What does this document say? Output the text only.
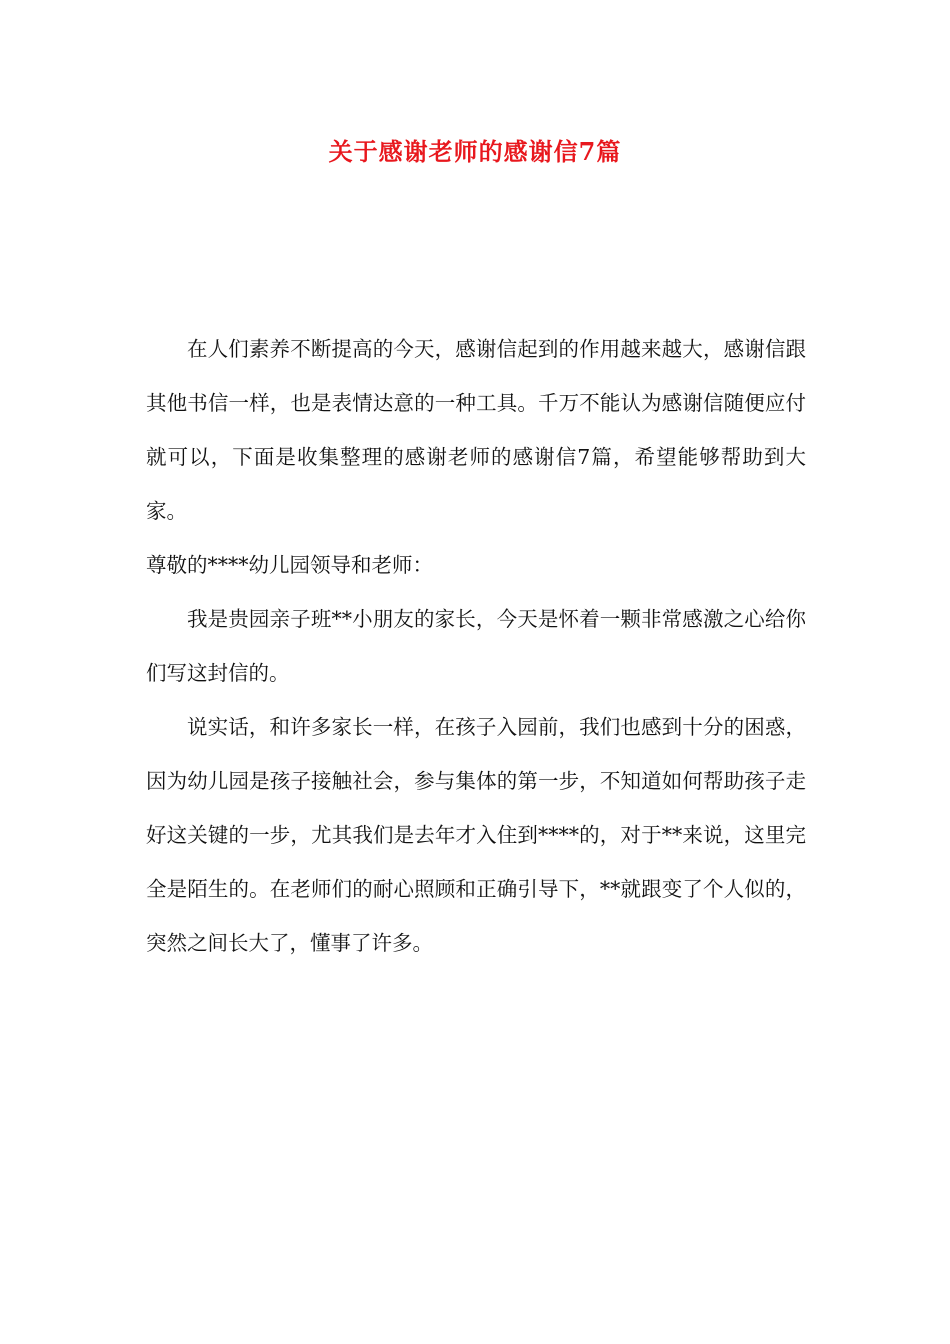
关于感谢老师的感谢信7篇

在人们素养不断提高的今天，感谢信起到的作用越来越大，感谢信跟其他书信一样，也是表情达意的一种工具。千万不能认为感谢信随便应付就可以，下面是收集整理的感谢老师的感谢信7篇，希望能够帮助到大家。

尊敬的****幼儿园领导和老师：

我是贵园亲子班**小朋友的家长，今天是怀着一颗非常感激之心给你们写这封信的。

说实话，和许多家长一样，在孩子入园前，我们也感到十分的困惑，因为幼儿园是孩子接触社会，参与集体的第一步，不知道如何帮助孩子走好这关键的一步，尤其我们是去年才入住到****的，对于**来说，这里完全是陌生的。在老师们的耐心照顾和正确引导下，**就跟变了个人似的，突然之间长大了，懂事了许多。
